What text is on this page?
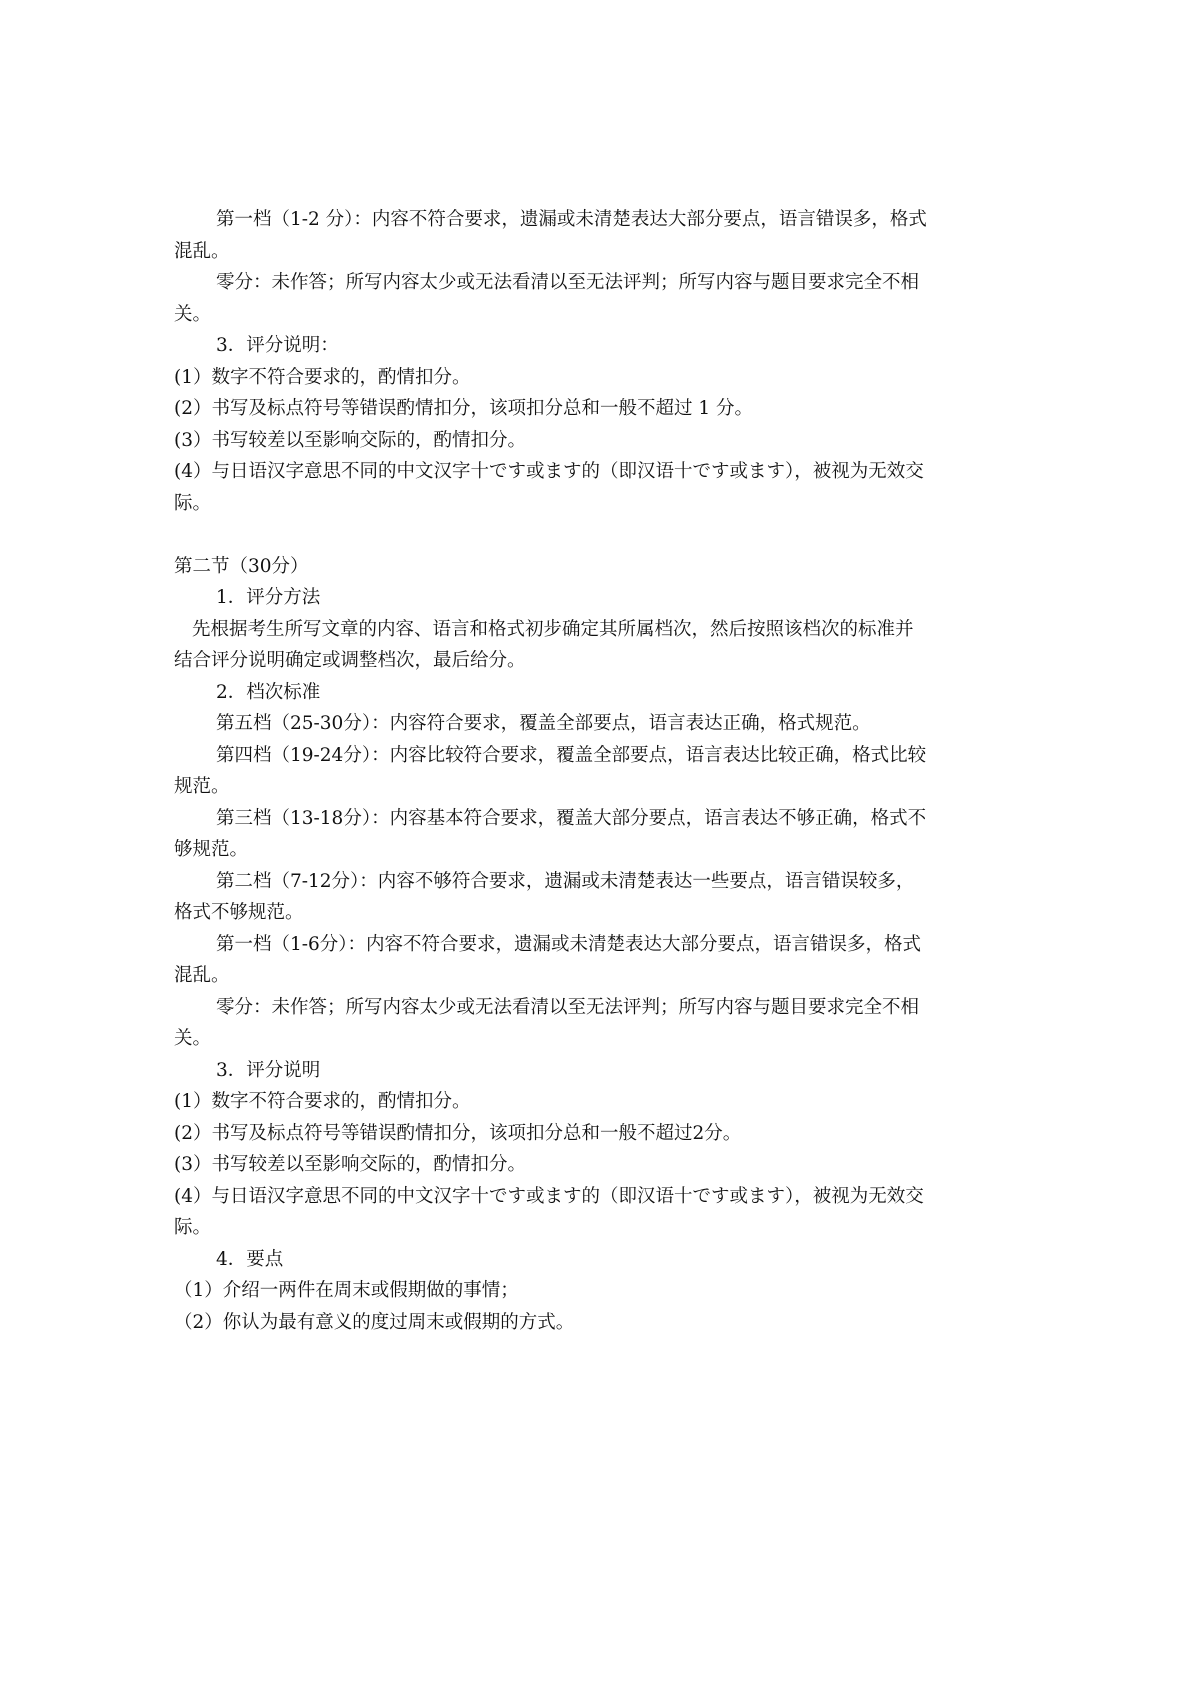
第一档（1-2 分）：内容不符合要求，遗漏或未清楚表达大部分要点，语言错误多，格式
混乱。
零分：未作答；所写内容太少或无法看清以至无法评判；所写内容与题目要求完全不相
关。
3．评分说明：
(1）数字不符合要求的，酌情扣分。
(2）书写及标点符号等错误酌情扣分，该项扣分总和一般不超过 1 分。
(3）书写较差以至影响交际的，酌情扣分。
(4）与日语汉字意思不同的中文汉字十です或ます的（即汉语十です或ます），被视为无效交
际。
第二节（30分）
1．评分方法
先根据考生所写文章的内容、语言和格式初步确定其所属档次，然后按照该档次的标准并
结合评分说明确定或调整档次，最后给分。
2．档次标准
第五档（25-30分）：内容符合要求，覆盖全部要点，语言表达正确，格式规范。
第四档（19-24分）：内容比较符合要求，覆盖全部要点，语言表达比较正确，格式比较
规范。
第三档（13-18分）：内容基本符合要求，覆盖大部分要点，语言表达不够正确，格式不
够规范。
第二档（7-12分）：内容不够符合要求，遗漏或未清楚表达一些要点，语言错误较多，
格式不够规范。
第一档（1-6分）：内容不符合要求，遗漏或未清楚表达大部分要点，语言错误多，格式
混乱。
零分：未作答；所写内容太少或无法看清以至无法评判；所写内容与题目要求完全不相
关。
3．评分说明
(1）数字不符合要求的，酌情扣分。
(2）书写及标点符号等错误酌情扣分，该项扣分总和一般不超过2分。
(3）书写较差以至影响交际的，酌情扣分。
(4）与日语汉字意思不同的中文汉字十です或ます的（即汉语十です或ます），被视为无效交
际。
4．要点
（1）介绍一两件在周末或假期做的事情；
（2）你认为最有意义的度过周末或假期的方式。
